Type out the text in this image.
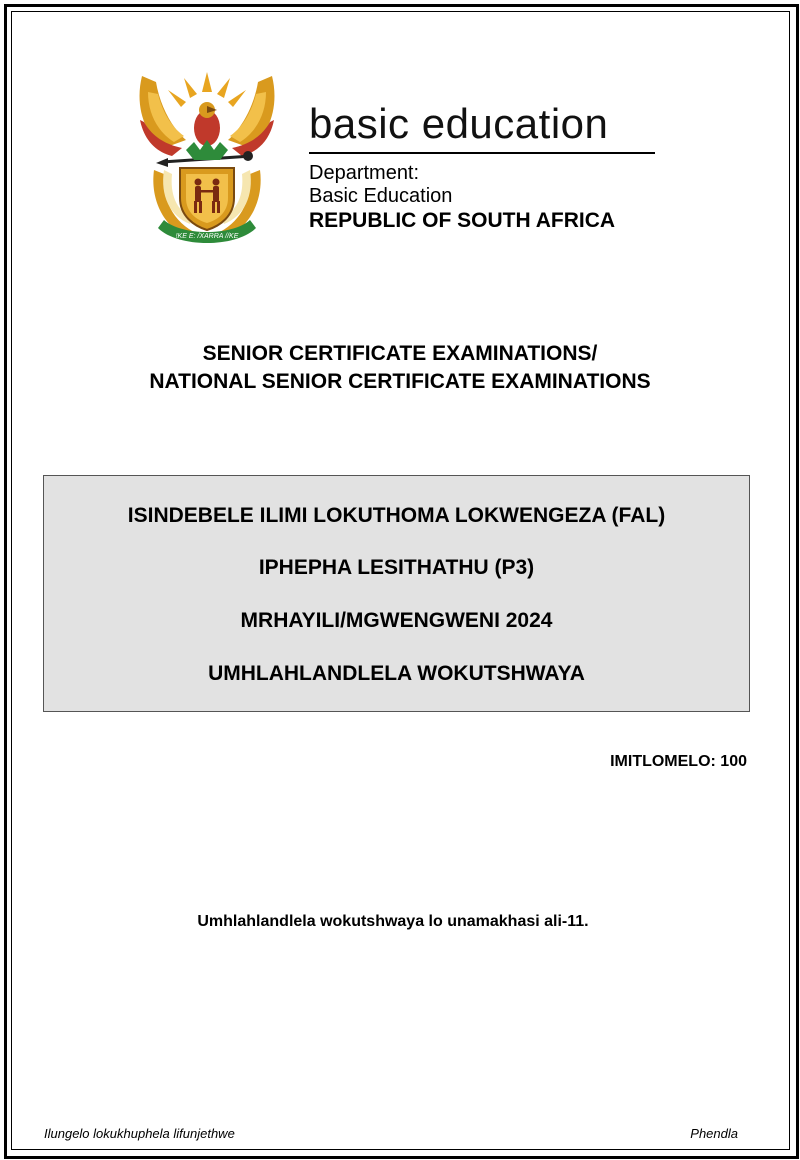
!KE E: /XARRA //KE
basic education
Department:
Basic Education
REPUBLIC OF SOUTH AFRICA
SENIOR CERTIFICATE EXAMINATIONS/
NATIONAL SENIOR CERTIFICATE EXAMINATIONS
ISINDEBELE ILIMI LOKUTHOMA LOKWENGEZA (FAL)
IPHEPHA LESITHATHU (P3)
MRHAYILI/MGWENGWENI 2024
UMHLAHLANDLELA WOKUTSHWAYA
IMITLOMELO: 100
Umhlahlandlela wokutshwaya lo unamakhasi ali-11.
Ilungelo lokukhuphela lifunjethwe	Phendla
